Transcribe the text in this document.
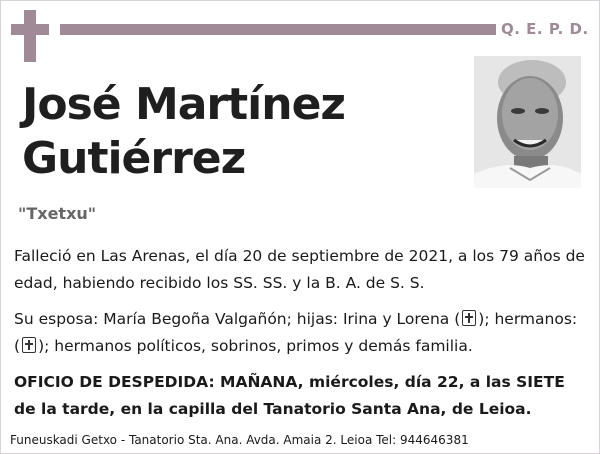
Q. E. P. D.
José Martínez
Gutiérrez
"Txetxu"
Falleció en Las Arenas, el día 20 de septiembre de 2021, a los 79 años de edad, habiendo recibido los SS. SS. y la B. A. de S. S.
Su esposa: María Begoña Valgañón; hijas: Irina y Lorena ( ); hermanos: ( ); hermanos políticos, sobrinos, primos y demás familia.
OFICIO DE DESPEDIDA: MAÑANA, miércoles, día 22, a las SIETE de la tarde, en la capilla del Tanatorio Santa Ana, de Leioa.
Funeuskadi Getxo - Tanatorio Sta. Ana. Avda. Amaia 2. Leioa Tel: 944646381
